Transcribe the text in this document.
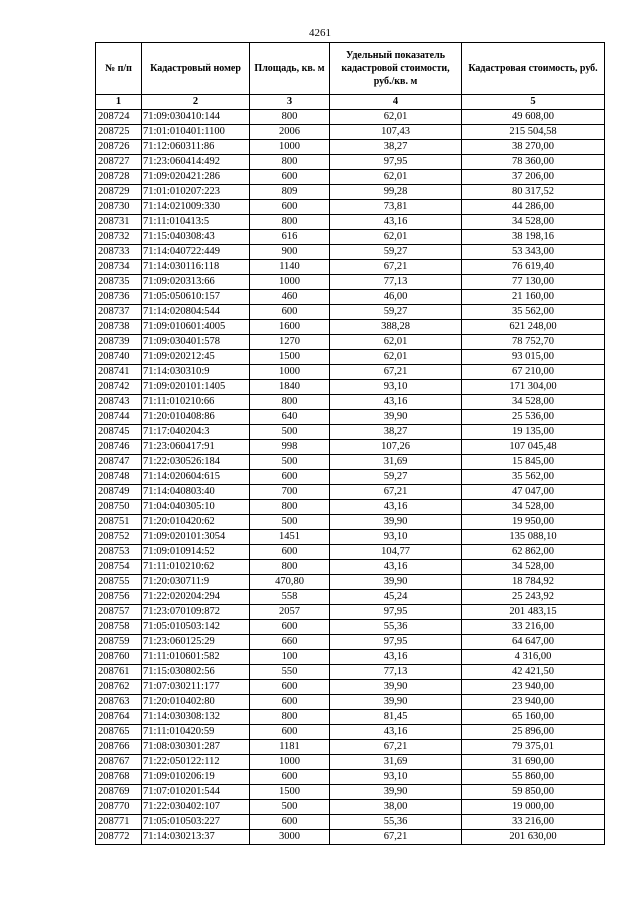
4261
№ п/п	Кадастровый номер	Площадь, кв. м	Удельный показатель кадастровой стоимости, руб./кв. м	Кадастровая стоимость, руб.
1	2	3	4	5
208724	71:09:030410:144	800	62,01	49 608,00
208725	71:01:010401:1100	2006	107,43	215 504,58
208726	71:12:060311:86	1000	38,27	38 270,00
208727	71:23:060414:492	800	97,95	78 360,00
208728	71:09:020421:286	600	62,01	37 206,00
208729	71:01:010207:223	809	99,28	80 317,52
208730	71:14:021009:330	600	73,81	44 286,00
208731	71:11:010413:5	800	43,16	34 528,00
208732	71:15:040308:43	616	62,01	38 198,16
208733	71:14:040722:449	900	59,27	53 343,00
208734	71:14:030116:118	1140	67,21	76 619,40
208735	71:09:020313:66	1000	77,13	77 130,00
208736	71:05:050610:157	460	46,00	21 160,00
208737	71:14:020804:544	600	59,27	35 562,00
208738	71:09:010601:4005	1600	388,28	621 248,00
208739	71:09:030401:578	1270	62,01	78 752,70
208740	71:09:020212:45	1500	62,01	93 015,00
208741	71:14:030310:9	1000	67,21	67 210,00
208742	71:09:020101:1405	1840	93,10	171 304,00
208743	71:11:010210:66	800	43,16	34 528,00
208744	71:20:010408:86	640	39,90	25 536,00
208745	71:17:040204:3	500	38,27	19 135,00
208746	71:23:060417:91	998	107,26	107 045,48
208747	71:22:030526:184	500	31,69	15 845,00
208748	71:14:020604:615	600	59,27	35 562,00
208749	71:14:040803:40	700	67,21	47 047,00
208750	71:04:040305:10	800	43,16	34 528,00
208751	71:20:010420:62	500	39,90	19 950,00
208752	71:09:020101:3054	1451	93,10	135 088,10
208753	71:09:010914:52	600	104,77	62 862,00
208754	71:11:010210:62	800	43,16	34 528,00
208755	71:20:030711:9	470,80	39,90	18 784,92
208756	71:22:020204:294	558	45,24	25 243,92
208757	71:23:070109:872	2057	97,95	201 483,15
208758	71:05:010503:142	600	55,36	33 216,00
208759	71:23:060125:29	660	97,95	64 647,00
208760	71:11:010601:582	100	43,16	4 316,00
208761	71:15:030802:56	550	77,13	42 421,50
208762	71:07:030211:177	600	39,90	23 940,00
208763	71:20:010402:80	600	39,90	23 940,00
208764	71:14:030308:132	800	81,45	65 160,00
208765	71:11:010420:59	600	43,16	25 896,00
208766	71:08:030301:287	1181	67,21	79 375,01
208767	71:22:050122:112	1000	31,69	31 690,00
208768	71:09:010206:19	600	93,10	55 860,00
208769	71:07:010201:544	1500	39,90	59 850,00
208770	71:22:030402:107	500	38,00	19 000,00
208771	71:05:010503:227	600	55,36	33 216,00
208772	71:14:030213:37	3000	67,21	201 630,00
